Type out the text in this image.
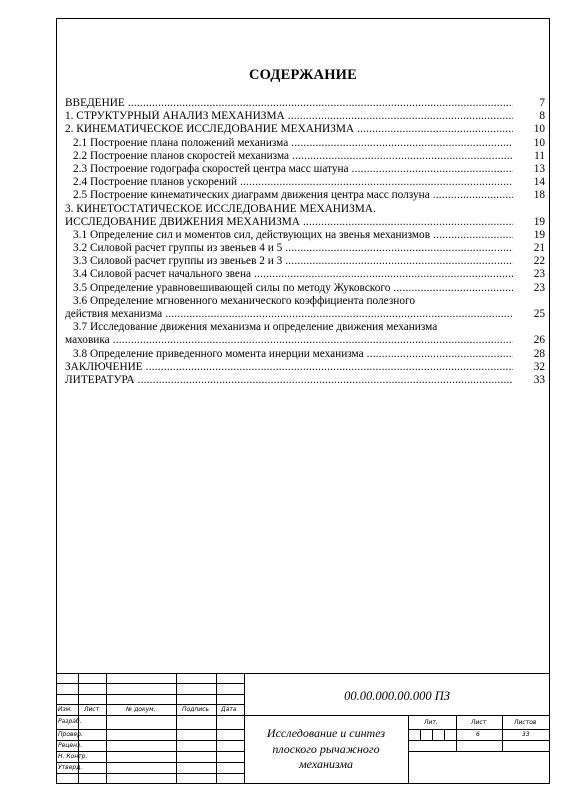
СОДЕРЖАНИЕ
ВВЕДЕНИЕ .....	7
1. СТРУКТУРНЫЙ АНАЛИЗ МЕХАНИЗМА .....	8
2. КИНЕМАТИЧЕСКОЕ ИССЛЕДОВАНИЕ МЕХАНИЗМА .....	10
2.1 Построение плана положений механизма .....	10
2.2 Построение планов скоростей механизма .....	11
2.3 Построение годографа скоростей центра масс шатуна .....	13
2.4 Построение планов ускорений .....	14
2.5 Построение кинематических диаграмм движения центра масс ползуна .....	18
3. КИНЕТОСТАТИЧЕСКОЕ ИССЛЕДОВАНИЕ МЕХАНИЗМА.
ИССЛЕДОВАНИЕ ДВИЖЕНИЯ МЕХАНИЗМА .....	19
3.1 Определение сил и моментов сил, действующих на звенья механизмов .....	19
3.2 Силовой расчет группы из звеньев 4 и 5 .....	21
3.3 Силовой расчет группы из звеньев 2 и 3 .....	22
3.4 Силовой расчет начального звена .....	23
3.5 Определение уравновешивающей силы по методу Жуковского .....	23
3.6 Определение мгновенного механического коэффициента полезного
действия механизма .....	25
3.7 Исследование движения механизма и определение движения механизма
маховика .....	26
3.8 Определение приведенного момента инерции механизма .....	28
ЗАКЛЮЧЕНИЕ .....	32
ЛИТЕРАТУРА .....	33
Изм. Лист	№ докум.	Подпись Дата
Разраб.
Провер.
Реценз.
Н. Контр.
Утверд.
00.00.000.00.000 ПЗ
Исследование и синтез
плоского рычажного
механизма
Лит.	Лист	Листов
6	33
